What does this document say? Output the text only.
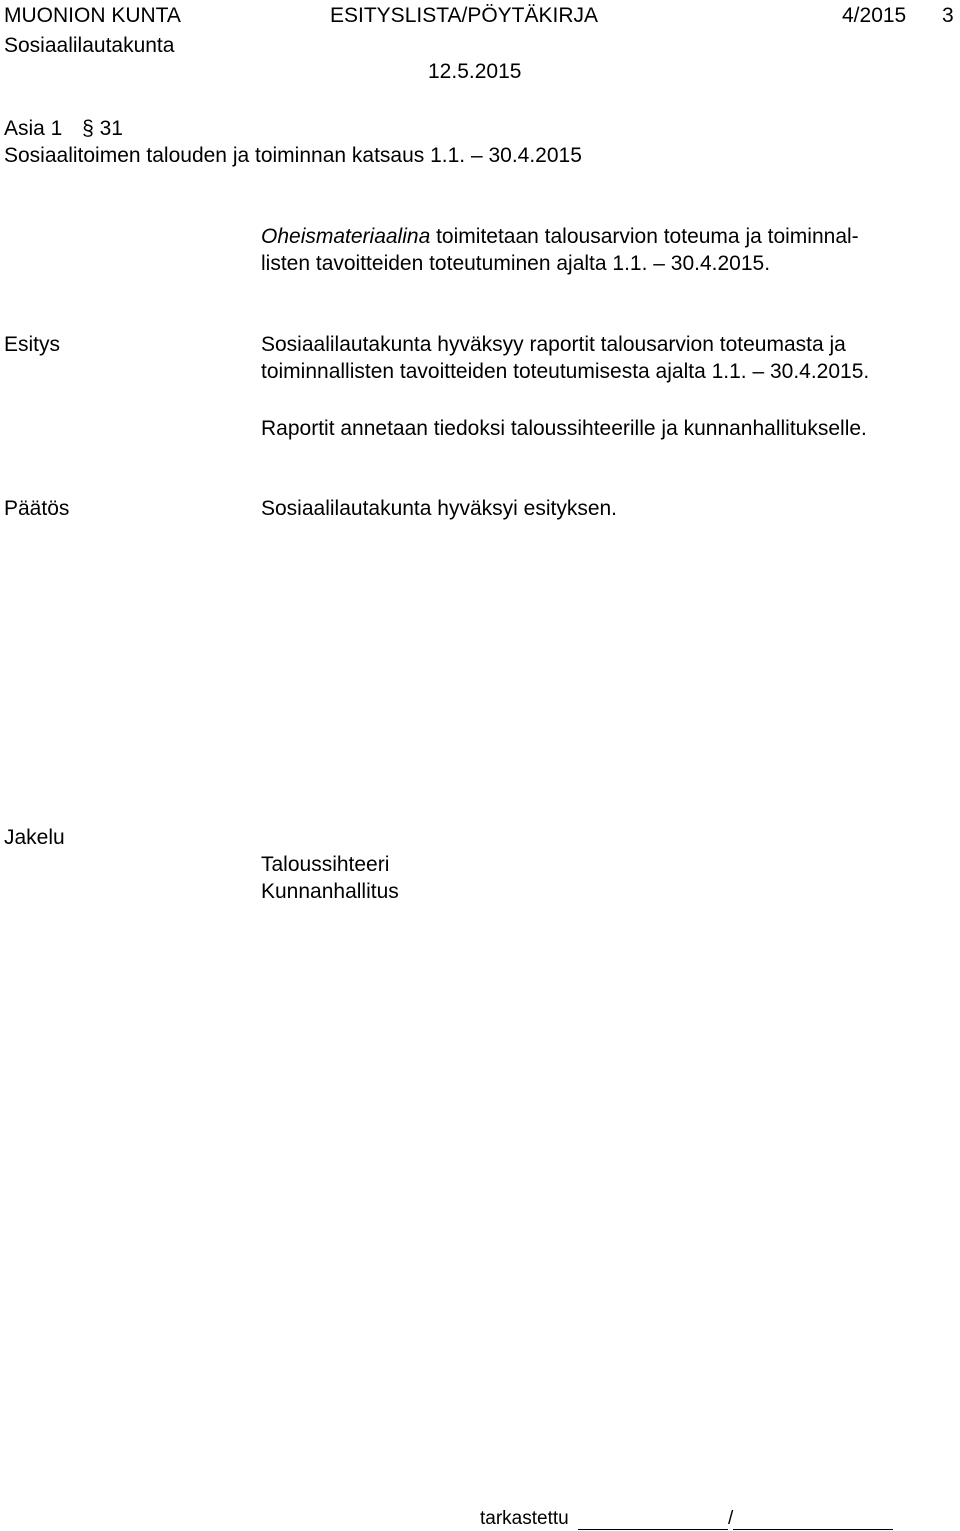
MUONION KUNTA
Sosiaalilautakunta
ESITYSLISTA/PÖYTÄKIRJA
12.5.2015
4/2015 3
Asia 1 § 31
Sosiaalitoimen talouden ja toiminnan katsaus 1.1. – 30.4.2015
Oheismateriaalina toimitetaan talousarvion toteuma ja toiminnal-
listen tavoitteiden toteutuminen ajalta 1.1. – 30.4.2015.
Esitys	Sosiaalilautakunta hyväksyy raportit talousarvion toteumasta ja
toiminnallisten tavoitteiden toteutumisesta ajalta 1.1. – 30.4.2015.
Raportit annetaan tiedoksi taloussihteerille ja kunnanhallitukselle.
Päätös	Sosiaalilautakunta hyväksyi esityksen.
Jakelu
Taloussihteeri
Kunnanhallitus
tarkastettu	/
